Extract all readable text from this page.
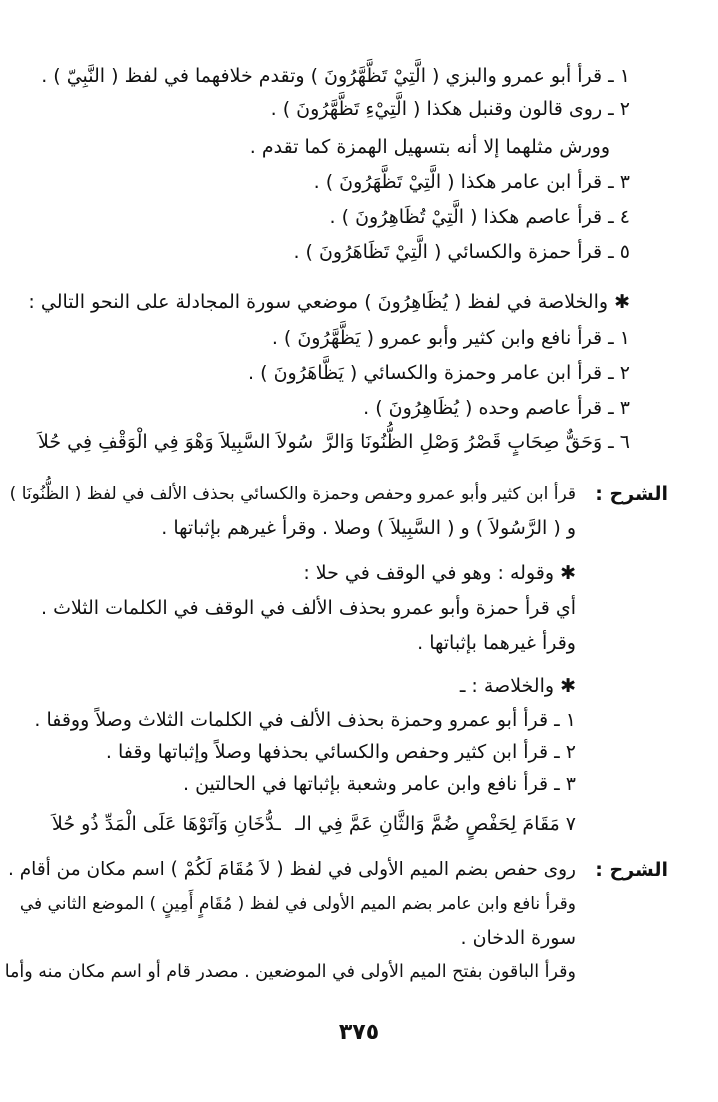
١ ـ قرأ أبو عمرو والبزي ( الَّتِيْ تَظَّهَّرُونَ ) وتقدم خلافهما في لفظ ( النَّبِيّ ) .
٢ ـ روى قالون وقنبل هكذا ( الَّتِيْءِ تَظَّهَّرُونَ ) .
وورش مثلهما إلا أنه بتسهيل الهمزة كما تقدم .
٣ ـ قرأ ابن عامر هكذا ( الَّتِيْ تَظَّهَرُونَ ) .
٤ ـ قرأ عاصم هكذا ( الَّتِيْ تُظَاهِرُونَ ) .
٥ ـ قرأ حمزة والكسائي ( الَّتِيْ تَظَاهَرُونَ ) .
✱ والخلاصة في لفظ ( يُظَاهِرُونَ ) موضعي سورة المجادلة على النحو التالي :
١ ـ قرأ نافع وابن كثير وأبو عمرو ( يَظَّهَّرُونَ ) .
٢ ـ قرأ ابن عامر وحمزة والكسائي ( يَظَّاهَرُونَ ) .
٣ ـ قرأ عاصم وحده ( يُظَاهِرُونَ ) .
٦ ـ وَحَقٌّ صِحَابٍ قَصْرُ وَصْلِ الظُّنُونَا وَالرَّ
سُولاَ السَّبِيلاَ وَهْوَ فِي الْوَقْفِ فِي حُلاَ
الشرح :
قرأ ابن كثير وأبو عمرو وحفص وحمزة والكسائي بحذف الألف في لفظ ( الظُّنُونَا )
و ( الرَّسُولاَ ) و ( السَّبِيلاَ ) وصلا . وقرأ غيرهم بإثباتها .
✱ وقوله : وهو في الوقف في حلا :
أي قرأ حمزة وأبو عمرو بحذف الألف في الوقف في الكلمات الثلاث .
وقرأ غيرهما بإثباتها .
✱ والخلاصة : ـ
١ ـ قرأ أبو عمرو وحمزة بحذف الألف في الكلمات الثلاث وصلاً ووقفا .
٢ ـ قرأ ابن كثير وحفص والكسائي بحذفها وصلاً وإثباتها وقفا .
٣ ـ قرأ نافع وابن عامر وشعبة بإثباتها في الحالتين .
٧ مَقَامَ لِحَفْصٍ ضُمَّ وَالثَّانِ عَمَّ فِي الـ
ـدُّخَانِ وَآتَوْهَا عَلَى الْمَدِّ ذُو حُلاَ
الشرح :
روى حفص بضم الميم الأولى في لفظ ( لاَ مُقَامَ لَكُمْ ) اسم مكان من أقام .
وقرأ نافع وابن عامر بضم الميم الأولى في لفظ ( مُقَامٍ أَمِينٍ ) الموضع الثاني في
سورة الدخان .
وقرأ الباقون بفتح الميم الأولى في الموضعين . مصدر قام أو اسم مكان منه وأما
٣٧٥
